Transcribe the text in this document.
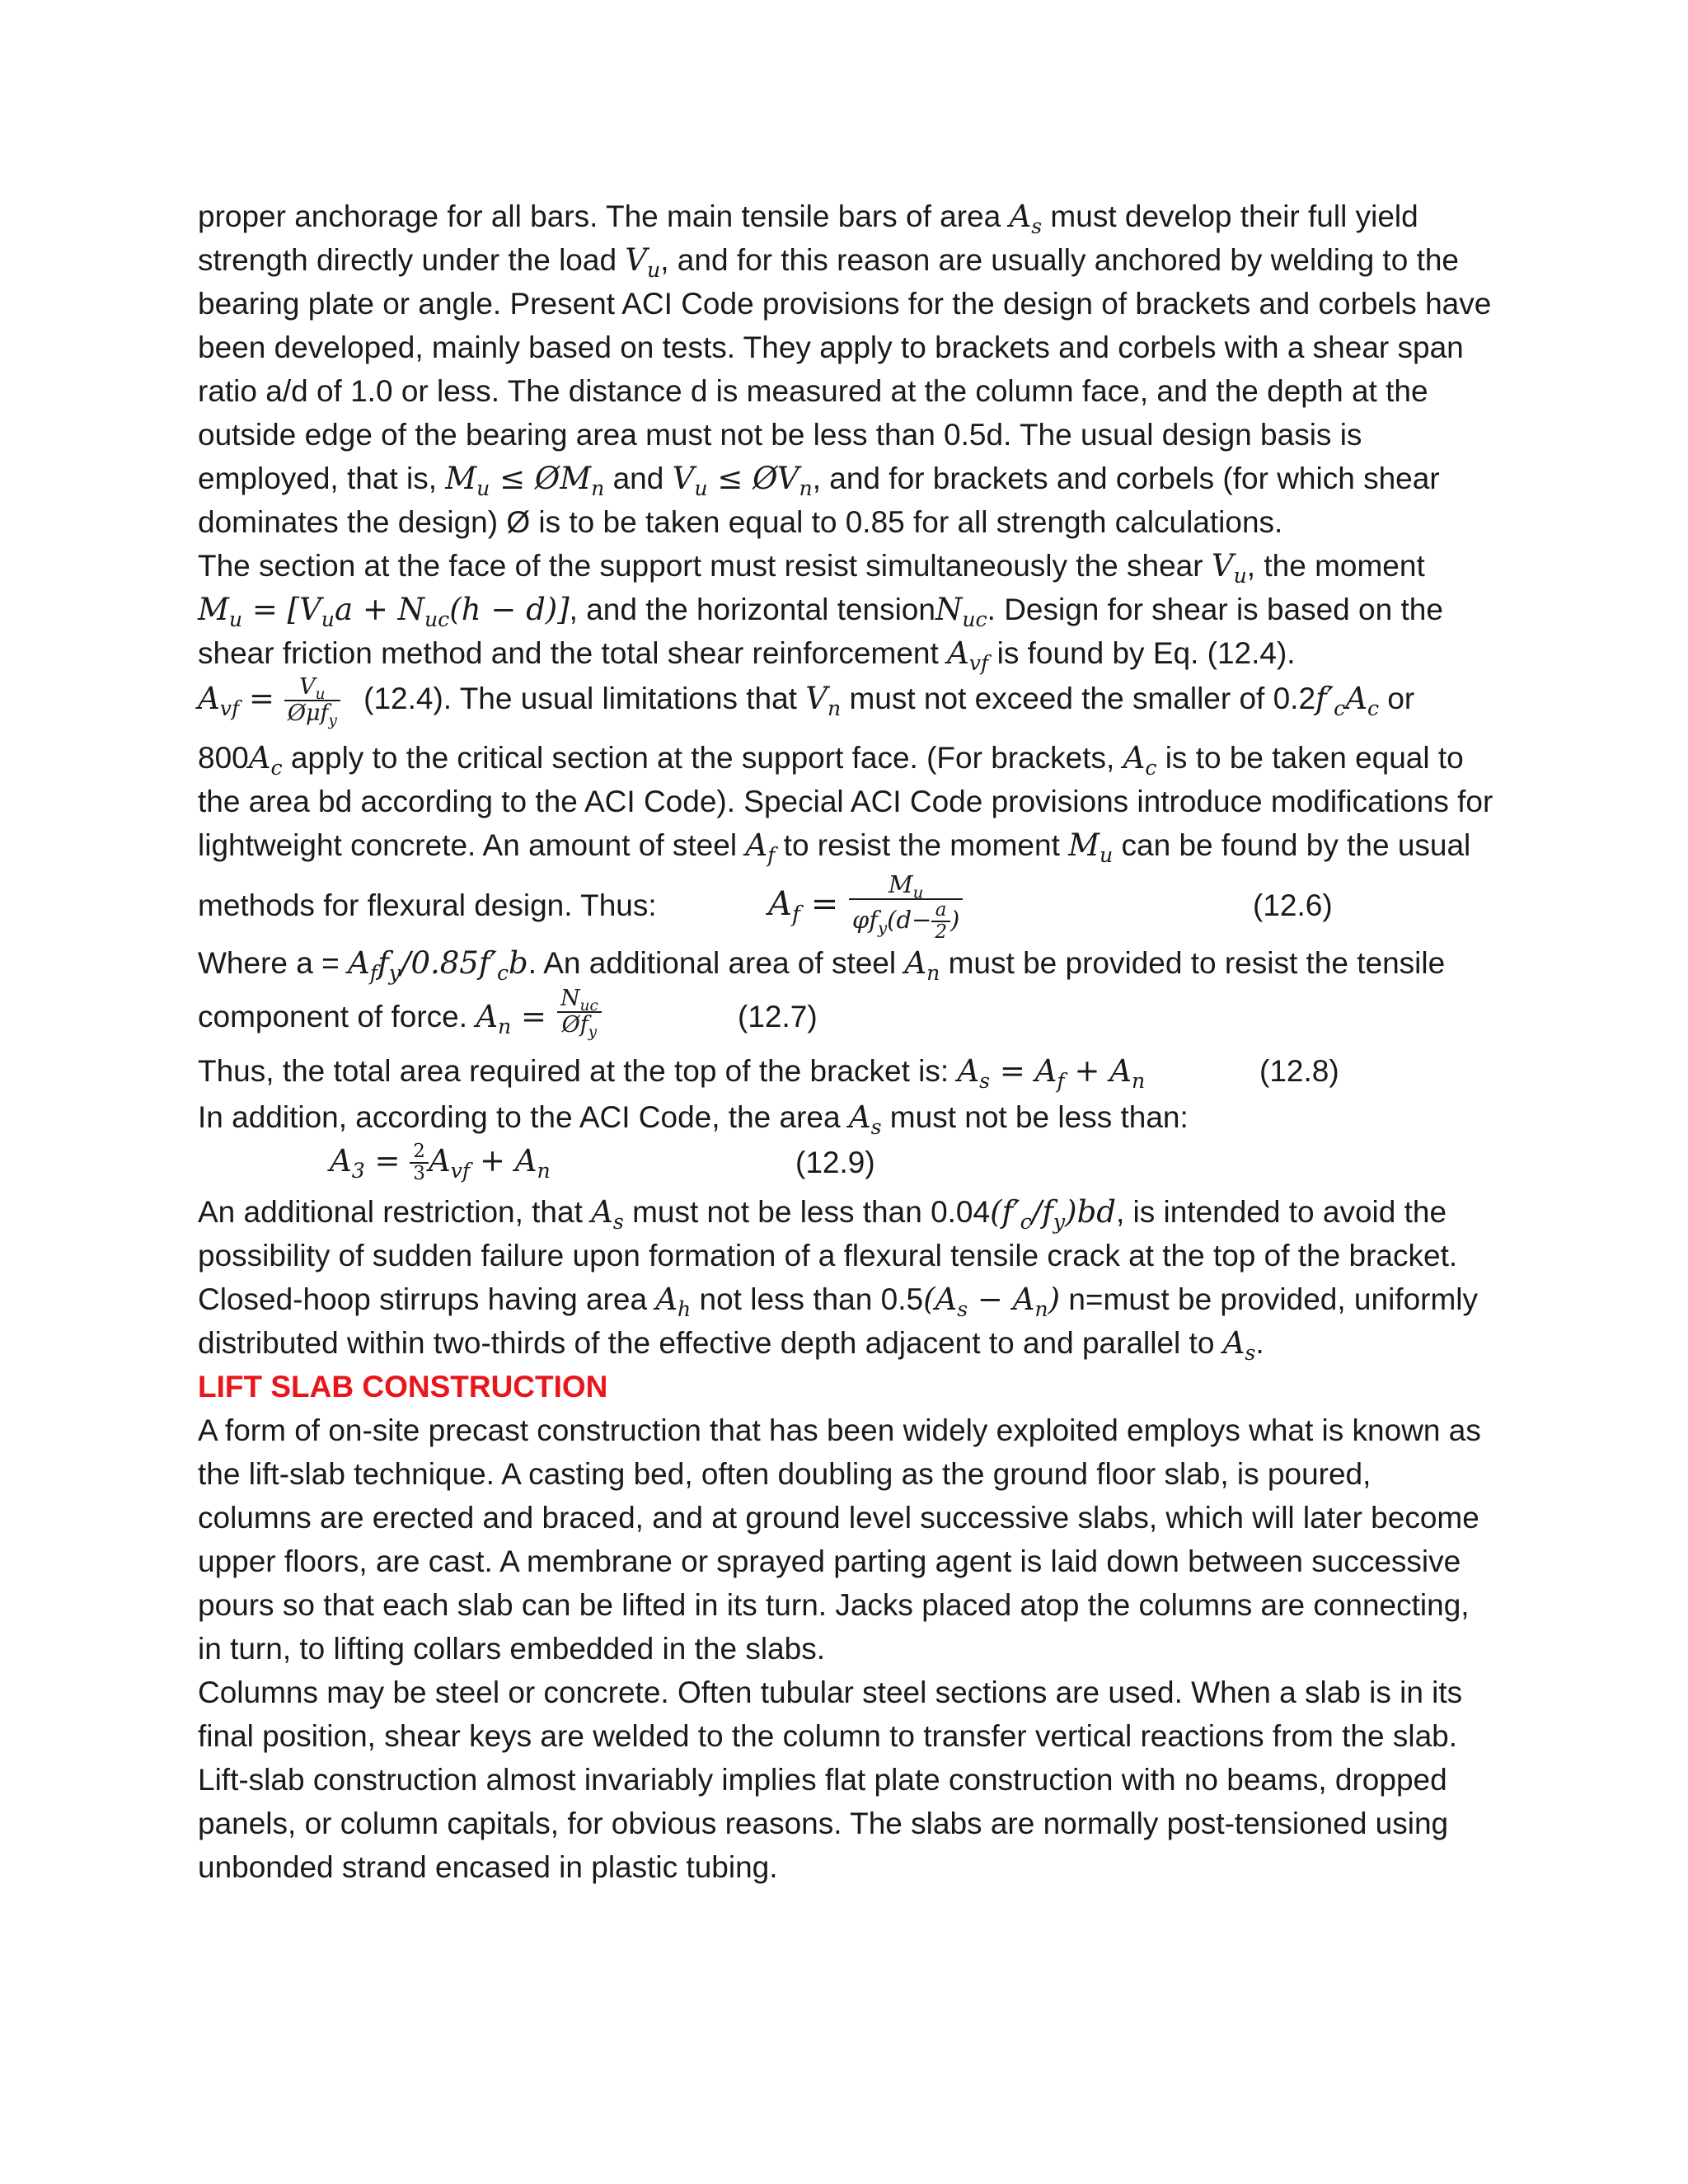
proper anchorage for all bars. The main tensile bars of area $A_s$ must develop their full yield
strength directly under the load $V_u$, and for this reason are usually anchored by welding to the
bearing plate or angle. Present ACI Code provisions for the design of brackets and corbels have
been developed, mainly based on tests. They apply to brackets and corbels with a shear span
ratio a/d of 1.0 or less. The distance d is measured at the column face, and the depth at the
outside edge of the bearing area must not be less than 0.5d. The usual design basis is
employed, that is, $M_u$ ≤ $ØM_n$ and $V_u$ ≤ $ØV_n$, and for brackets and corbels (for which shear
dominates the design) Ø is to be taken equal to 0.85 for all strength calculations.
The section at the face of the support must resist simultaneously the shear $V_u$, the moment
$M_u = [V_ua + N_{uc}(h - d)]$, and the horizontal tensionN$_{uc}$. Design for shear is based on the
shear friction method and the total shear reinforcement $A_{vf}$ is found by Eq. (12.4).
$A_{vf} = \frac{V_u}{Ø\mu f_y} (12.4)$. The usual limitations that $V_n$ must not exceed the smaller of $0.2f'_cA_c$ or
$800A_c$ apply to the critical section at the support face. (For brackets, $A_c$ is to be taken equal to
the area bd according to the ACI Code). Special ACI Code provisions introduce modifications for
lightweight concrete. An amount of steel $A_f$ to resist the moment $M_u$ can be found by the usual
methods for flexural design. Thus:	$A_f = \frac{M_u}{\varphi f_y(d- \frac{a}{2} )}$	(12.6)
Where $a = A_ff_y/0.85f'_cb$. An additional area of steel $A_n$ must be provided to resist the tensile
component of force. $A_n$ =
$N_{uc}$
$Øf_y$	(12.7)
Thus, the total area required at the top of the bracket is: $A_s = A_f + A_n$	(12.8)
In addition, according to the ACI Code, the area $A_s$ must not be less than:
$A_3 = \frac{2}{3} A_{vf} + A_n$	(12.9)
An additional restriction, that $A_s$ must not be less than $0.04(f'_c/f_y)bd$, is intended to avoid the
possibility of sudden failure upon formation of a flexural tensile crack at the top of the bracket.
Closed-hoop stirrups having area $A_h$ not less than $0.5(A_s - A_n)$ n=must be provided, uniformly
distributed within two-thirds of the effective depth adjacent to and parallel to $A_s$.
LIFT SLAB CONSTRUCTION
A form of on-site precast construction that has been widely exploited employs what is known as
the lift-slab technique. A casting bed, often doubling as the ground floor slab, is poured,
columns are erected and braced, and at ground level successive slabs, which will later become
upper floors, are cast. A membrane or sprayed parting agent is laid down between successive
pours so that each slab can be lifted in its turn. Jacks placed atop the columns are connecting,
in turn, to lifting collars embedded in the slabs.
Columns may be steel or concrete. Often tubular steel sections are used. When a slab is in its
final position, shear keys are welded to the column to transfer vertical reactions from the slab.
Lift-slab construction almost invariably implies flat plate construction with no beams, dropped
panels, or column capitals, for obvious reasons. The slabs are normally post-tensioned using
unbonded strand encased in plastic tubing.
